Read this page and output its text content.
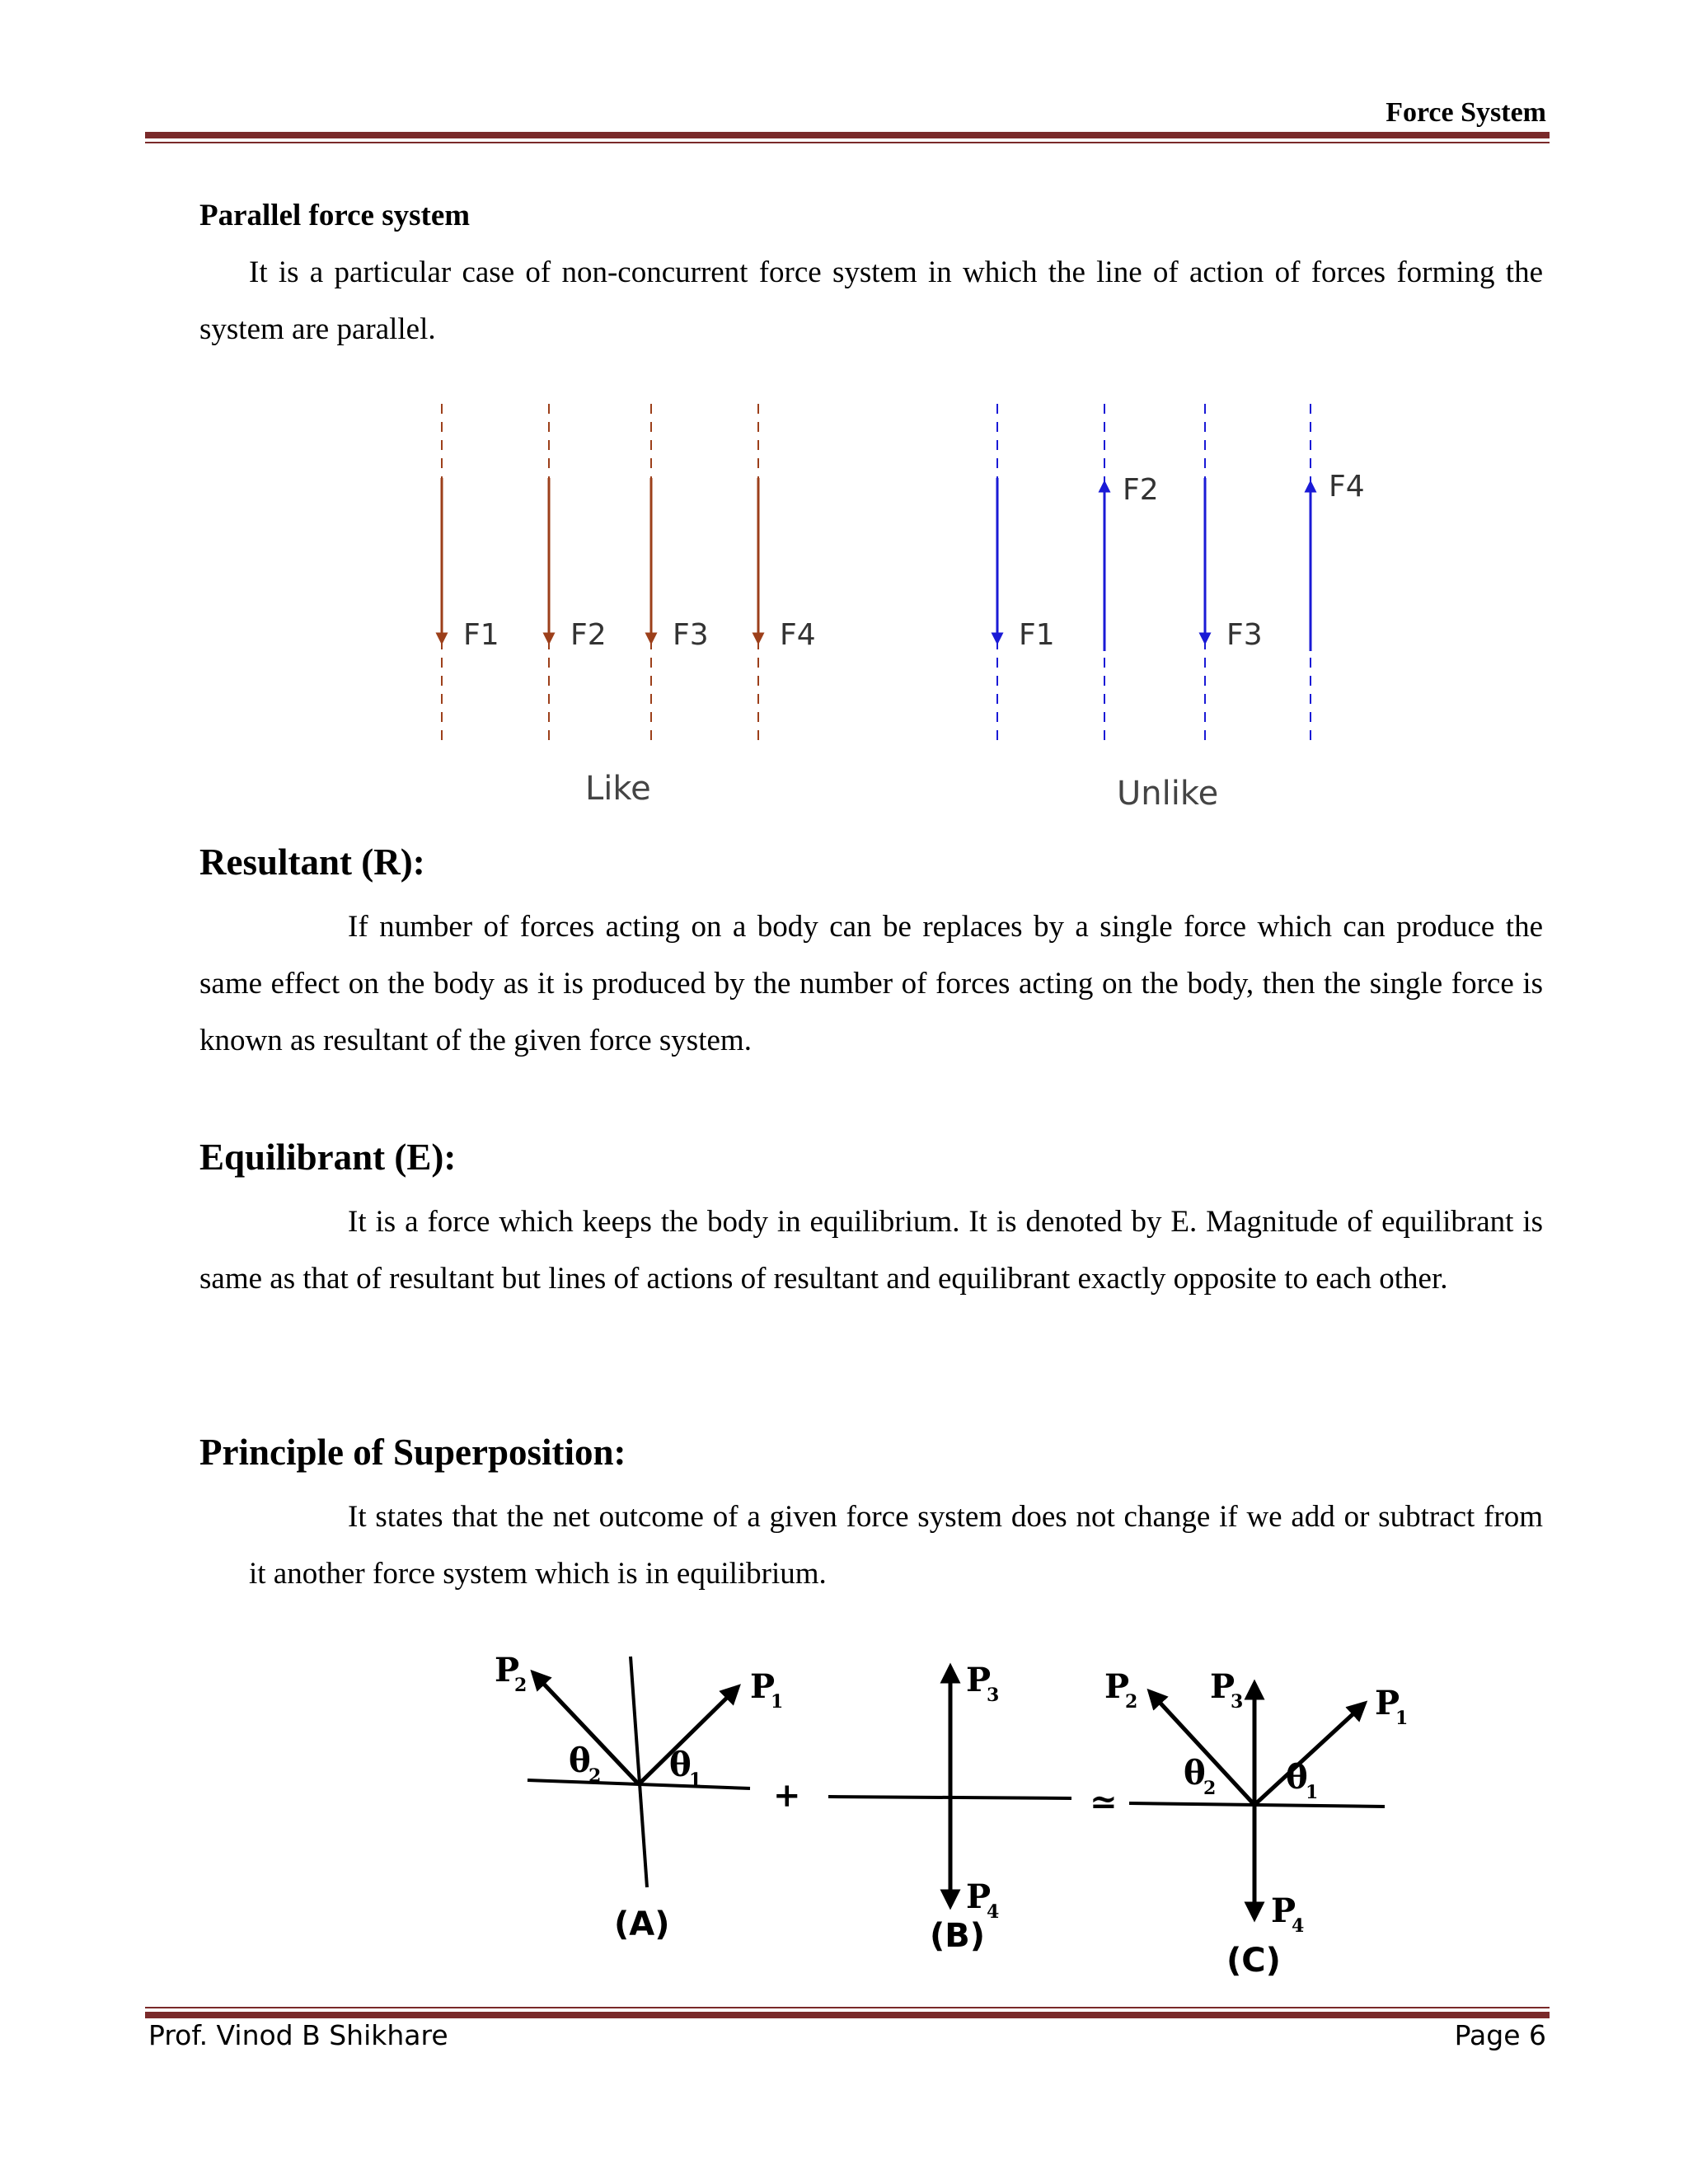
Force System
Parallel force system
It is a particular case of non-concurrent force system in which the line of action of forces forming the system are parallel.
F1 F2 F3 F4
Like
F1
F2
F3
F4
Unlike
Resultant (R):
If number of forces acting on a body can be replaces by a single force which can produce the same effect on the body as it is produced by the number of forces acting on the body, then the single force is known as resultant of the given force system.
Equilibrant (E):
It is a force which keeps the body in equilibrium. It is denoted by E. Magnitude of equilibrant is same as that of resultant but lines of actions of resultant and equilibrant exactly opposite to each other.
Principle of Superposition:
It states that the net outcome of a given force system does not change if we add or subtract from it another force system which is in equilibrium.
P
2	P
1
θ
2 θ
1
(A)
+
P
3
P
4
(B)
≃
P
2 P
3	P
1
θ
2 θ
1
P
4
(C)
Prof. Vinod B Shikhare	Page 6
